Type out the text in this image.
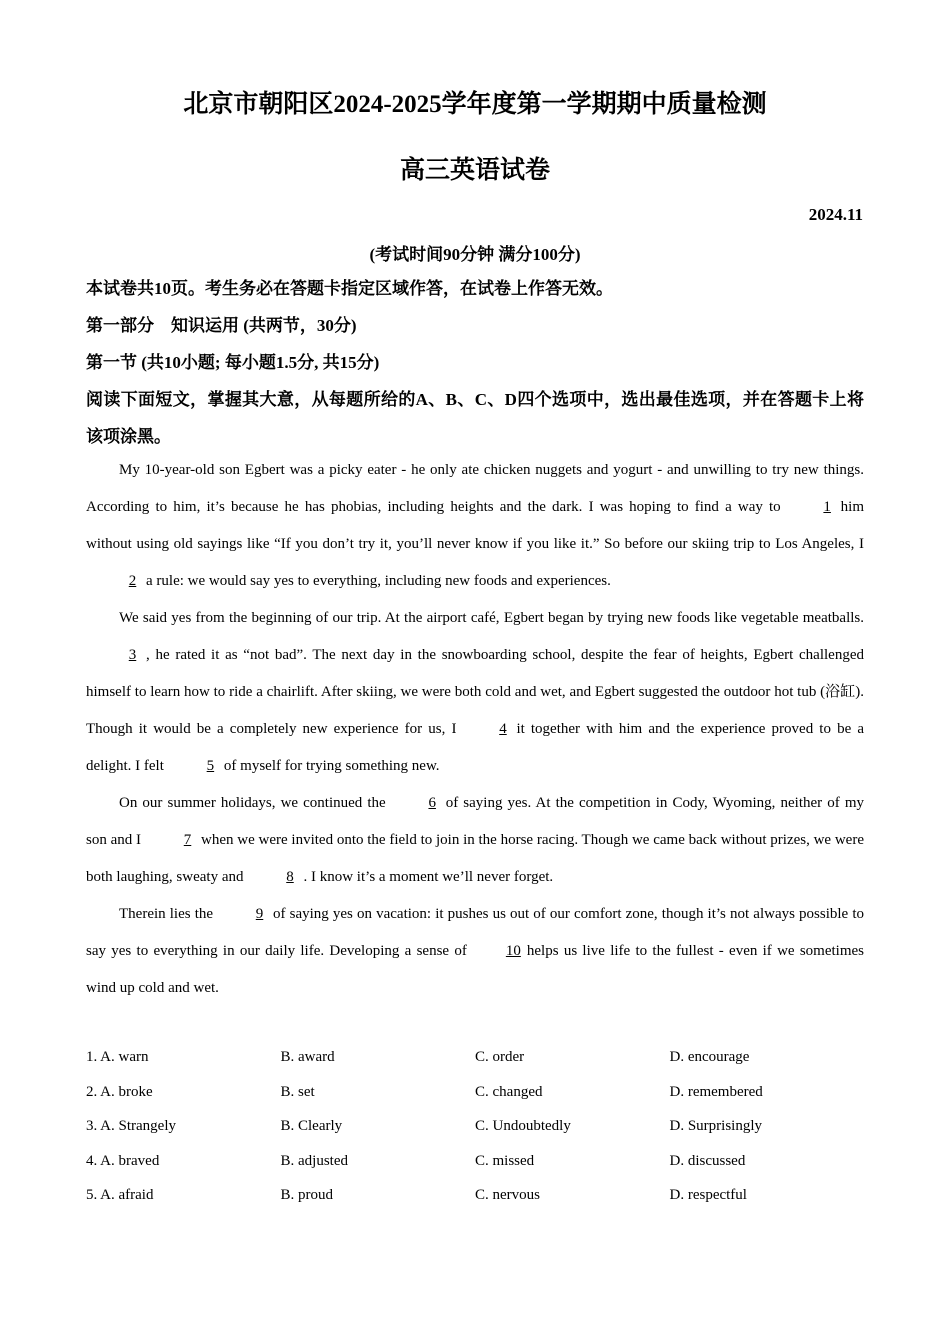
北京市朝阳区2024-2025学年度第一学期期中质量检测
高三英语试卷
2024.11
(考试时间90分钟 满分100分)
本试卷共10页。考生务必在答题卡指定区域作答，在试卷上作答无效。
第一部分　知识运用 (共两节，30分)
第一节 (共10小题; 每小题1.5分, 共15分)
阅读下面短文，掌握其大意，从每题所给的A、B、C、D四个选项中，选出最佳选项，并在答题卡上将该项涂黑。

My 10-year-old son Egbert was a picky eater - he only ate chicken nuggets and yogurt - and unwilling to try new things. According to him, it’s because he has phobias, including heights and the dark. I was hoping to find a way to	1 him without using old sayings like “If you don’t try it, you’ll never know if you like it.” So before our skiing trip to Los Angeles, I2 a rule: we would say yes to everything, including new foods and experiences.

We said yes from the beginning of our trip. At the airport café, Egbert began by trying new foods like vegetable meatballs.3 , he rated it as “not bad”. The next day in the snowboarding school, despite the fear of heights, Egbert challenged himself to learn how to ride a chairlift. After skiing, we were both cold and wet, and Egbert suggested the outdoor hot tub (浴缸). Though it would be a completely new experience for us, I	4 it together with him and the experience proved to be a delight. I felt	5 of myself for trying something new.

On our summer holidays, we continued the	6 of saying yes. At the competition in Cody, Wyoming, neither of my son and I	7 when we were invited onto the field to join in the horse racing. Though we came back without prizes, we were both laughing, sweaty and	8 . I know it’s a moment we’ll never forget.

Therein lies the	9 of saying yes on vacation: it pushes us out of our comfort zone, though it’s not always possible to say yes to everything in our daily life. Developing a sense of	10 helps us live life to the fullest - even if we sometimes wind up cold and wet.

1. A. warn	B. award	C. order	D. encourage
2. A. broke	B. set	C. changed	D. remembered
3. A. Strangely	B. Clearly	C. Undoubtedly	D. Surprisingly
4. A. braved	B. adjusted	C. missed	D. discussed
5. A. afraid	B. proud	C. nervous	D. respectful
